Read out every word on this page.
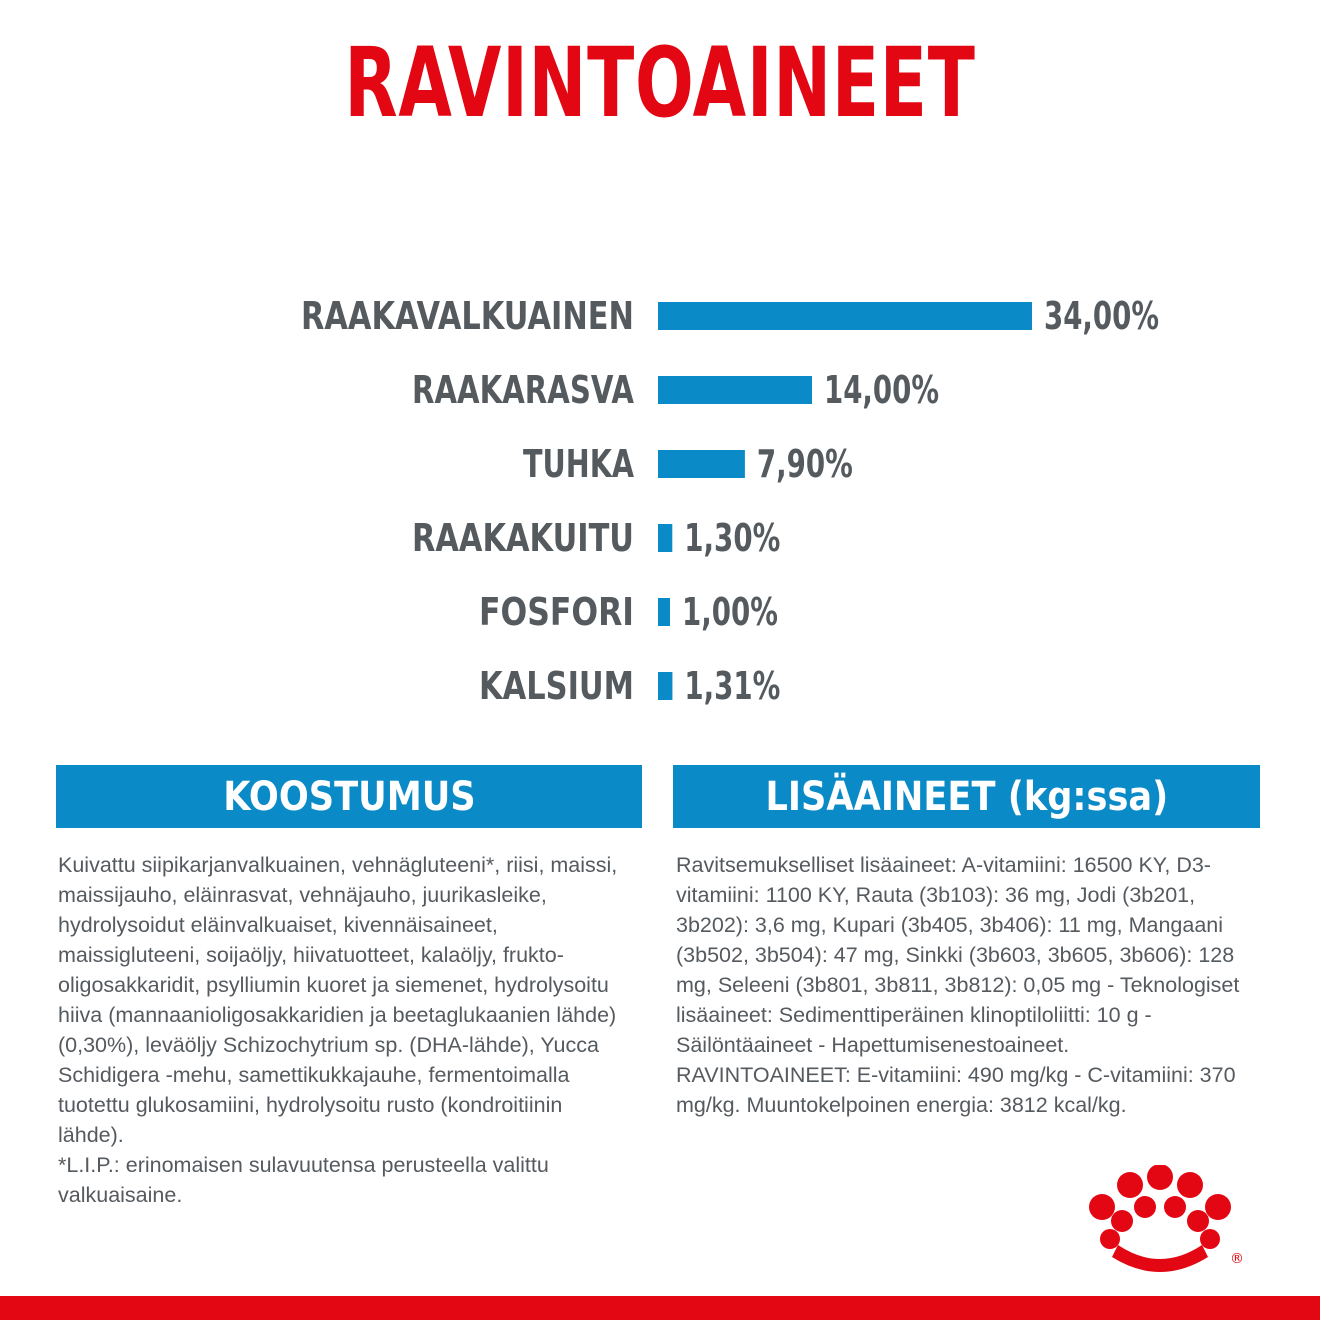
RAVINTOAINEET
RAAKAVALKUAINEN	34,00%
RAAKARASVA	14,00%
TUHKA	7,90%
RAAKAKUITU 1,30%
FOSFORI 1,00%
KALSIUM 1,31%
KOOSTUMUS	LISÄAINEET (kg:ssa)
Kuivattu siipikarjanvalkuainen, vehnägluteeni*, riisi, maissi,
maissijauho, eläinrasvat, vehnäjauho, juurikasleike,
hydrolysoidut eläinvalkuaiset, kivennäisaineet,
maissigluteeni, soijaöljy, hiivatuotteet, kalaöljy, frukto-
oligosakkaridit, psylliumin kuoret ja siemenet, hydrolysoitu
hiiva (mannaanioligosakkaridien ja beetaglukaanien lähde)
(0,30%), leväöljy Schizochytrium sp. (DHA-lähde), Yucca
Schidigera -mehu, samettikukkajauhe, fermentoimalla
tuotettu glukosamiini, hydrolysoitu rusto (kondroitiinin
lähde).
*L.I.P.: erinomaisen sulavuutensa perusteella valittu
valkuaisaine.
Ravitsemukselliset lisäaineet: A-vitamiini: 16500 KY, D3-
vitamiini: 1100 KY, Rauta (3b103): 36 mg, Jodi (3b201,
3b202): 3,6 mg, Kupari (3b405, 3b406): 11 mg, Mangaani
(3b502, 3b504): 47 mg, Sinkki (3b603, 3b605, 3b606): 128
mg, Seleeni (3b801, 3b811, 3b812): 0,05 mg - Teknologiset
lisäaineet: Sedimenttiperäinen klinoptiloliitti: 10 g -
Säilöntäaineet - Hapettumisenestoaineet.
RAVINTOAINEET: E-vitamiini: 490 mg/kg - C-vitamiini: 370
mg/kg. Muuntokelpoinen energia: 3812 kcal/kg.
®
